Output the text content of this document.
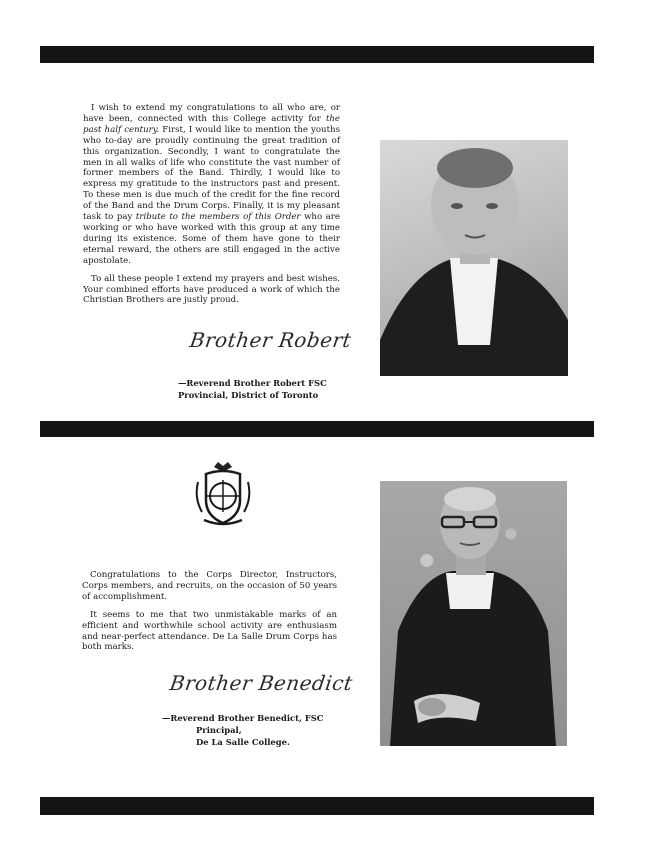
I wish to extend my congratulations to all who are, or have been, connected with this College activity for the past half century. First, I would like to mention the youths who to-day are proudly continuing the great tradition of this organization. Secondly, I want to congratulate the men in all walks of life who constitute the vast number of former members of the Band. Thirdly, I would like to express my gratitude to the instructors past and present. To these men is due much of the credit for the fine record of the Band and the Drum Corps. Finally, it is my pleasant task to pay tribute to the members of this Order who are working or who have worked with this group at any time during its existence. Some of them have gone to their eternal reward, the others are still engaged in the active apostolate.

To all these people I extend my prayers and best wishes. Your combined efforts have produced a work of which the Christian Brothers are justly proud.

Brother Robert
—Reverend Brother Robert FSC
Provincial, District of Toronto

Congratulations to the Corps Director, Instructors, Corps members, and recruits, on the occasion of 50 years of accomplishment.

It seems to me that two unmistakable marks of an efficient and worthwhile school activity are enthusiasm and near-perfect attendance. De La Salle Drum Corps has both marks.

Brother Benedict
—Reverend Brother Benedict, FSC
Principal,
De La Salle College.
